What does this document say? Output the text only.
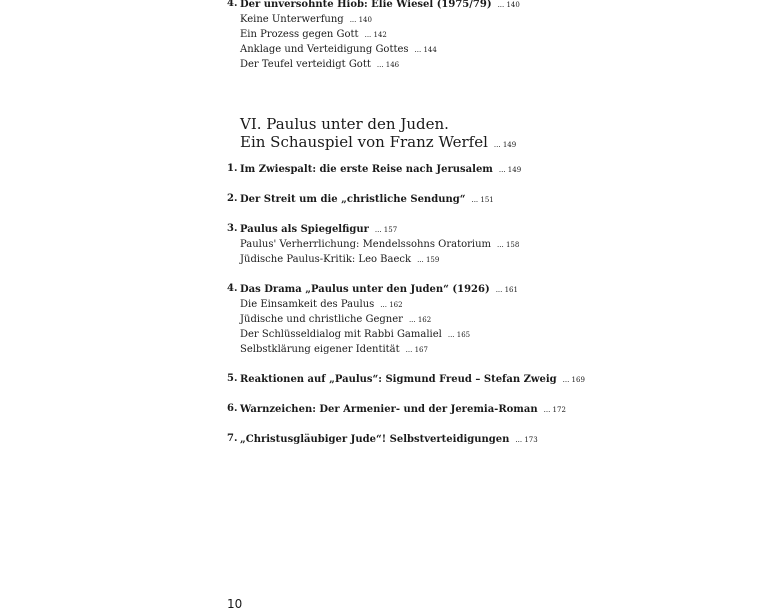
4. Der unversöhnte Hiob: Elie Wiesel (1975/79) ... 140
Keine Unterwerfung ... 140
Ein Prozess gegen Gott ... 142
Anklage und Verteidigung Gottes ... 144
Der Teufel verteidigt Gott ... 146
VI. Paulus unter den Juden.
Ein Schauspiel von Franz Werfel ... 149
1. Im Zwiespalt: die erste Reise nach Jerusalem ... 149
2. Der Streit um die „christliche Sendung“ ... 151
3. Paulus als Spiegelfigur ... 157
Paulus' Verherrlichung: Mendelssohns Oratorium ... 158
Jüdische Paulus-Kritik: Leo Baeck ... 159
4. Das Drama „Paulus unter den Juden“ (1926) ... 161
Die Einsamkeit des Paulus ... 162
Jüdische und christliche Gegner ... 162
Der Schlüsseldialog mit Rabbi Gamaliel ... 165
Selbstklärung eigener Identität ... 167
5. Reaktionen auf „Paulus“: Sigmund Freud – Stefan Zweig ... 169
6. Warnzeichen: Der Armenier- und der Jeremia-Roman ... 172
7. „Christusgläubiger Jude“! Selbstverteidigungen ... 173
10
